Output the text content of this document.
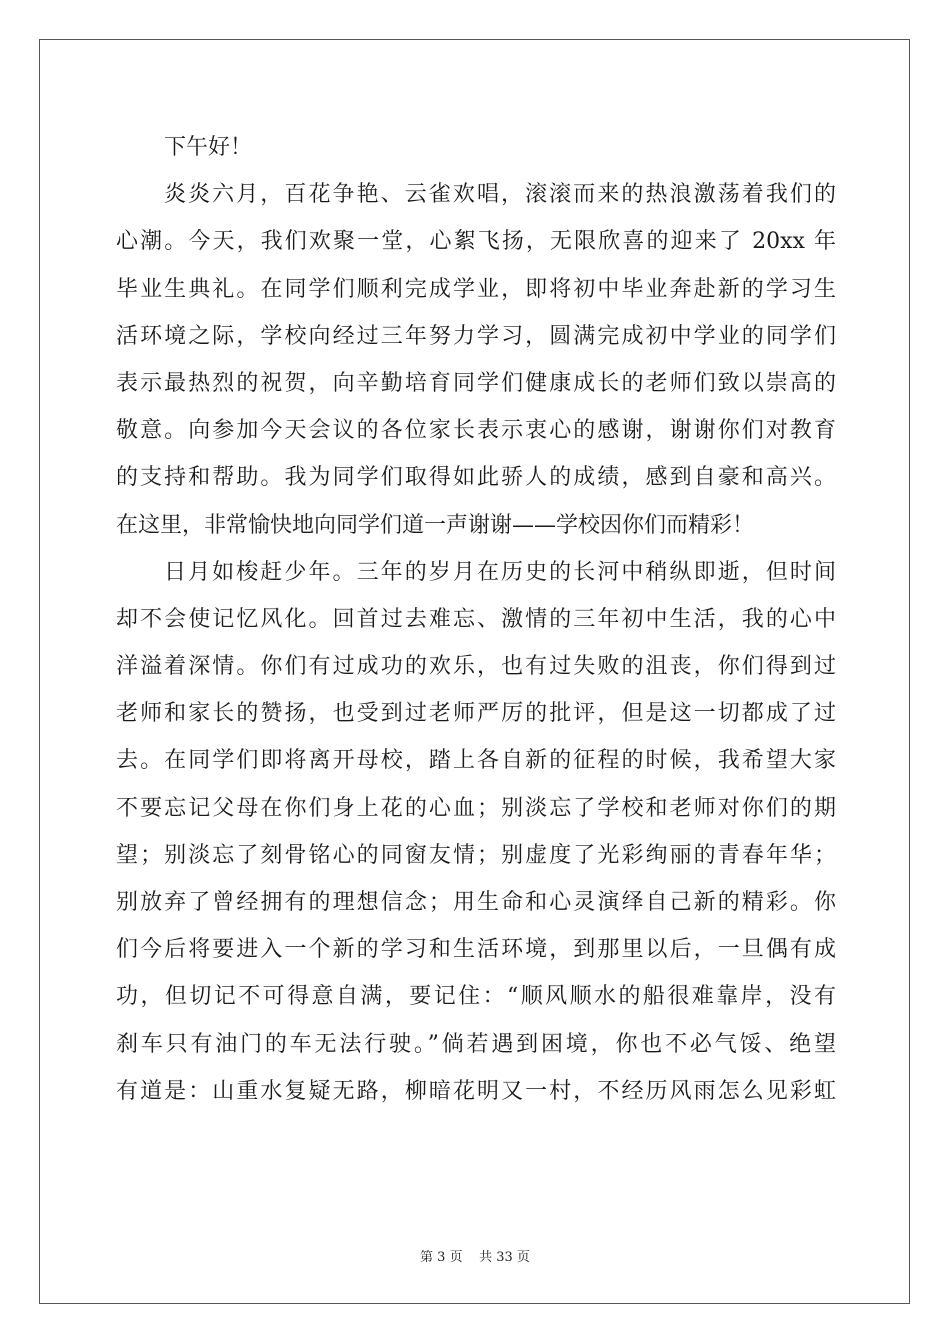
下午好！
炎炎六月，百花争艳、云雀欢唱，滚滚而来的热浪激荡着我们的
心潮。今天，我们欢聚一堂，心絮飞扬，无限欣喜的迎来了 20xx 年
毕业生典礼。在同学们顺利完成学业，即将初中毕业奔赴新的学习生
活环境之际，学校向经过三年努力学习，圆满完成初中学业的同学们
表示最热烈的祝贺，向辛勤培育同学们健康成长的老师们致以崇高的
敬意。向参加今天会议的各位家长表示衷心的感谢，谢谢你们对教育
的支持和帮助。我为同学们取得如此骄人的成绩，感到自豪和高兴。
在这里，非常愉快地向同学们道一声谢谢——学校因你们而精彩！
日月如梭赶少年。三年的岁月在历史的长河中稍纵即逝，但时间
却不会使记忆风化。回首过去难忘、激情的三年初中生活，我的心中
洋溢着深情。你们有过成功的欢乐，也有过失败的沮丧，你们得到过
老师和家长的赞扬，也受到过老师严厉的批评，但是这一切都成了过
去。在同学们即将离开母校，踏上各自新的征程的时候，我希望大家
不要忘记父母在你们身上花的心血；别淡忘了学校和老师对你们的期
望；别淡忘了刻骨铭心的同窗友情；别虚度了光彩绚丽的青春年华；
别放弃了曾经拥有的理想信念；用生命和心灵演绎自己新的精彩。你
们今后将要进入一个新的学习和生活环境，到那里以后，一旦偶有成
功，但切记不可得意自满，要记住：“顺风顺水的船很难靠岸，没有
刹车只有油门的车无法行驶。”倘若遇到困境，你也不必气馁、绝望
有道是：山重水复疑无路，柳暗花明又一村，不经历风雨怎么见彩虹
第 3 页 共 33 页
